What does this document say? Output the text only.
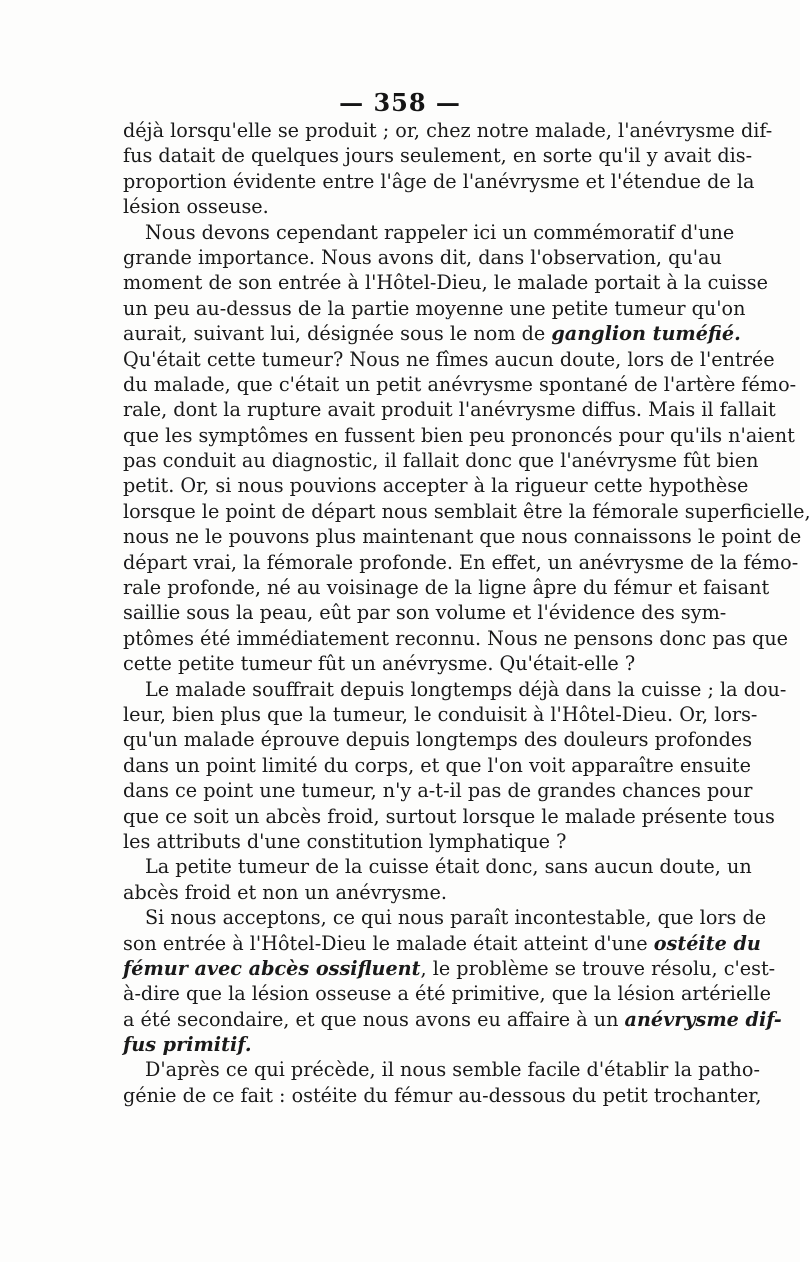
— 358 —
déjà lorsqu'elle se produit ; or, chez notre malade, l'anévrysme dif-
fus datait de quelques jours seulement, en sorte qu'il y avait dis-
proportion évidente entre l'âge de l'anévrysme et l'étendue de la
lésion osseuse.
Nous devons cependant rappeler ici un commémoratif d'une
grande importance. Nous avons dit, dans l'observation, qu'au
moment de son entrée à l'Hôtel-Dieu, le malade portait à la cuisse
un peu au-dessus de la partie moyenne une petite tumeur qu'on
aurait, suivant lui, désignée sous le nom de ganglion tuméfié.
Qu'était cette tumeur? Nous ne fîmes aucun doute, lors de l'entrée
du malade, que c'était un petit anévrysme spontané de l'artère fémo-
rale, dont la rupture avait produit l'anévrysme diffus. Mais il fallait
que les symptômes en fussent bien peu prononcés pour qu'ils n'aient
pas conduit au diagnostic, il fallait donc que l'anévrysme fût bien
petit. Or, si nous pouvions accepter à la rigueur cette hypothèse
lorsque le point de départ nous semblait être la fémorale superficielle,
nous ne le pouvons plus maintenant que nous connaissons le point de
départ vrai, la fémorale profonde. En effet, un anévrysme de la fémo-
rale profonde, né au voisinage de la ligne âpre du fémur et faisant
saillie sous la peau, eût par son volume et l'évidence des sym-
ptômes été immédiatement reconnu. Nous ne pensons donc pas que
cette petite tumeur fût un anévrysme. Qu'était-elle ?
Le malade souffrait depuis longtemps déjà dans la cuisse ; la dou-
leur, bien plus que la tumeur, le conduisit à l'Hôtel-Dieu. Or, lors-
qu'un malade éprouve depuis longtemps des douleurs profondes
dans un point limité du corps, et que l'on voit apparaître ensuite
dans ce point une tumeur, n'y a-t-il pas de grandes chances pour
que ce soit un abcès froid, surtout lorsque le malade présente tous
les attributs d'une constitution lymphatique ?
La petite tumeur de la cuisse était donc, sans aucun doute, un
abcès froid et non un anévrysme.
Si nous acceptons, ce qui nous paraît incontestable, que lors de
son entrée à l'Hôtel-Dieu le malade était atteint d'une ostéite du
fémur avec abcès ossifluent, le problème se trouve résolu, c'est-
à-dire que la lésion osseuse a été primitive, que la lésion artérielle
a été secondaire, et que nous avons eu affaire à un anévrysme dif-
fus primitif.
D'après ce qui précède, il nous semble facile d'établir la patho-
génie de ce fait : ostéite du fémur au-dessous du petit trochanter,
